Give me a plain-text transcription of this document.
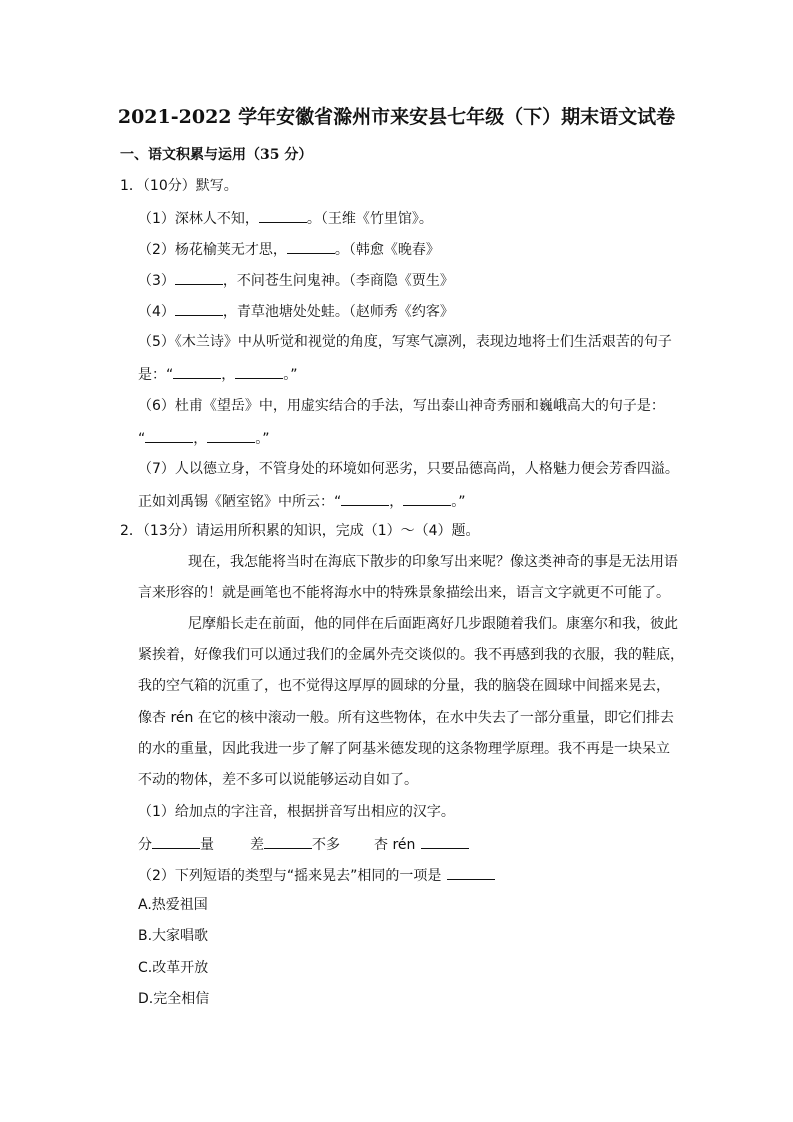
2021-2022 学年安徽省滁州市来安县七年级（下）期末语文试卷
一、语文积累与运用（35 分）
1．（10分）默写。
（1）深林人不知，	。（王维《竹里馆》。
（2）杨花榆荚无才思，	。（韩愈《晚春》
（3）	，不问苍生问鬼神。（李商隐《贾生》
（4）	，青草池塘处处蛙。（赵师秀《约客》
（5）《木兰诗》中从听觉和视觉的角度，写寒气凛冽，表现边地将士们生活艰苦的句子
是：“	，	。”
（6）杜甫《望岳》中，用虚实结合的手法，写出泰山神奇秀丽和巍峨高大的句子是：
“	，	。”
（7）人以德立身，不管身处的环境如何恶劣，只要品德高尚，人格魅力便会芳香四溢。
正如刘禹锡《陋室铭》中所云：“	，	。”
2．（13分）请运用所积累的知识，完成（1）～（4）题。
现在，我怎能将当时在海底下散步的印象写出来呢？像这类神奇的事是无法用语
言来形容的！就是画笔也不能将海水中的特殊景象描绘出来，语言文字就更不可能了。
尼摩船长走在前面，他的同伴在后面距离好几步跟随着我们。康塞尔和我，彼此
紧挨着，好像我们可以通过我们的金属外壳交谈似的。我不再感到我的衣服，我的鞋底，
我的空气箱的沉重了，也不觉得这厚厚的圆球的分量，我的脑袋在圆球中间摇来晃去，
像杏 rén 在它的核中滚动一般。所有这些物体，在水中失去了一部分重量，即它们排去
的水的重量，因此我进一步了解了阿基米德发现的这条物理学原理。我不再是一块呆立
不动的物体，差不多可以说能够运动自如了。
（1）给加点的字注音，根据拼音写出相应的汉字。
分	量	差	不多 杏 rén
（2）下列短语的类型与“摇来晃去”相同的一项是
A.热爱祖国
B.大家唱歌
C.改革开放
D.完全相信
